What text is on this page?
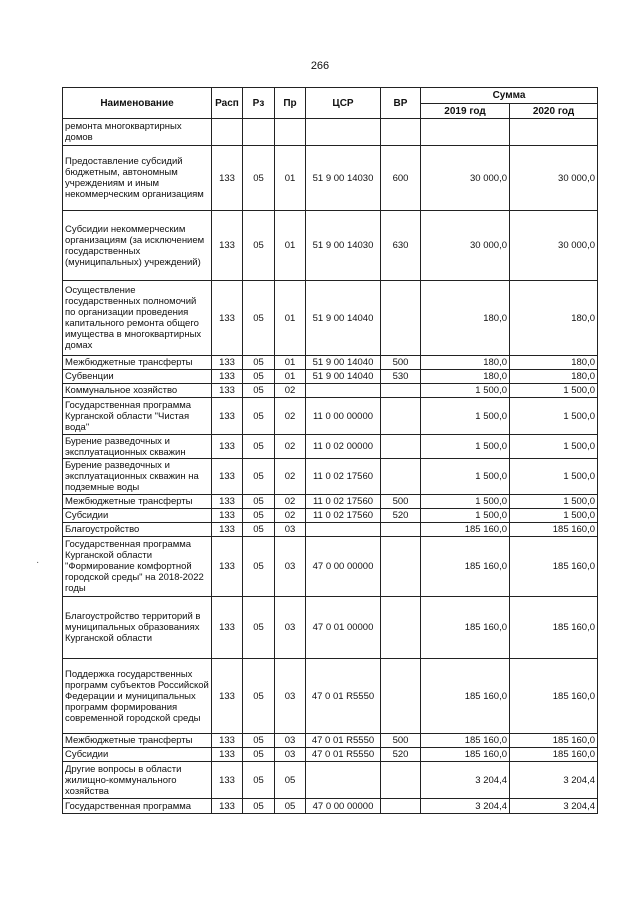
266
Наименование	Расп	Рз	Пр	ЦСР	ВР	Сумма	
						2019 год	2020 год
ремонта многоквартирных домов							
Предоставление субсидий бюджетным, автономным учреждениям и иным некоммерческим организациям	133	05	01	51 9 00 14030	600	30 000,0	30 000,0
Субсидии некоммерческим организациям (за исключением государственных (муниципальных) учреждений)	133	05	01	51 9 00 14030	630	30 000,0	30 000,0
Осуществление государственных полномочий по организации проведения капитального ремонта общего имущества в многоквартирных домах	133	05	01	51 9 00 14040		180,0	180,0
Межбюджетные трансферты	133	05	01	51 9 00 14040	500	180,0	180,0
Субвенции	133	05	01	51 9 00 14040	530	180,0	180,0
Коммунальное хозяйство	133	05	02			1 500,0	1 500,0
Государственная программа Курганской области "Чистая вода"	133	05	02	11 0 00 00000		1 500,0	1 500,0
Бурение разведочных и эксплуатационных скважин	133	05	02	11 0 02 00000		1 500,0	1 500,0
Бурение разведочных и эксплуатационных скважин на подземные воды	133	05	02	11 0 02 17560		1 500,0	1 500,0
Межбюджетные трансферты	133	05	02	11 0 02 17560	500	1 500,0	1 500,0
Субсидии	133	05	02	11 0 02 17560	520	1 500,0	1 500,0
Благоустройство	133	05	03			185 160,0	185 160,0
Государственная программа Курганской области "Формирование комфортной городской среды" на 2018-2022 годы	133	05	03	47 0 00 00000		185 160,0	185 160,0
Благоустройство территорий в муниципальных образованиях Курганской области	133	05	03	47 0 01 00000		185 160,0	185 160,0
Поддержка государственных программ субъектов Российской Федерации и муниципальных программ формирования современной городской среды	133	05	03	47 0 01 R5550		185 160,0	185 160,0
Межбюджетные трансферты	133	05	03	47 0 01 R5550	500	185 160,0	185 160,0
Субсидии	133	05	03	47 0 01 R5550	520	185 160,0	185 160,0
Другие вопросы в области жилищно-коммунального хозяйства	133	05	05			3 204,4	3 204,4
Государственная программа	133	05	05	47 0 00 00000		3 204,4	3 204,4
·
